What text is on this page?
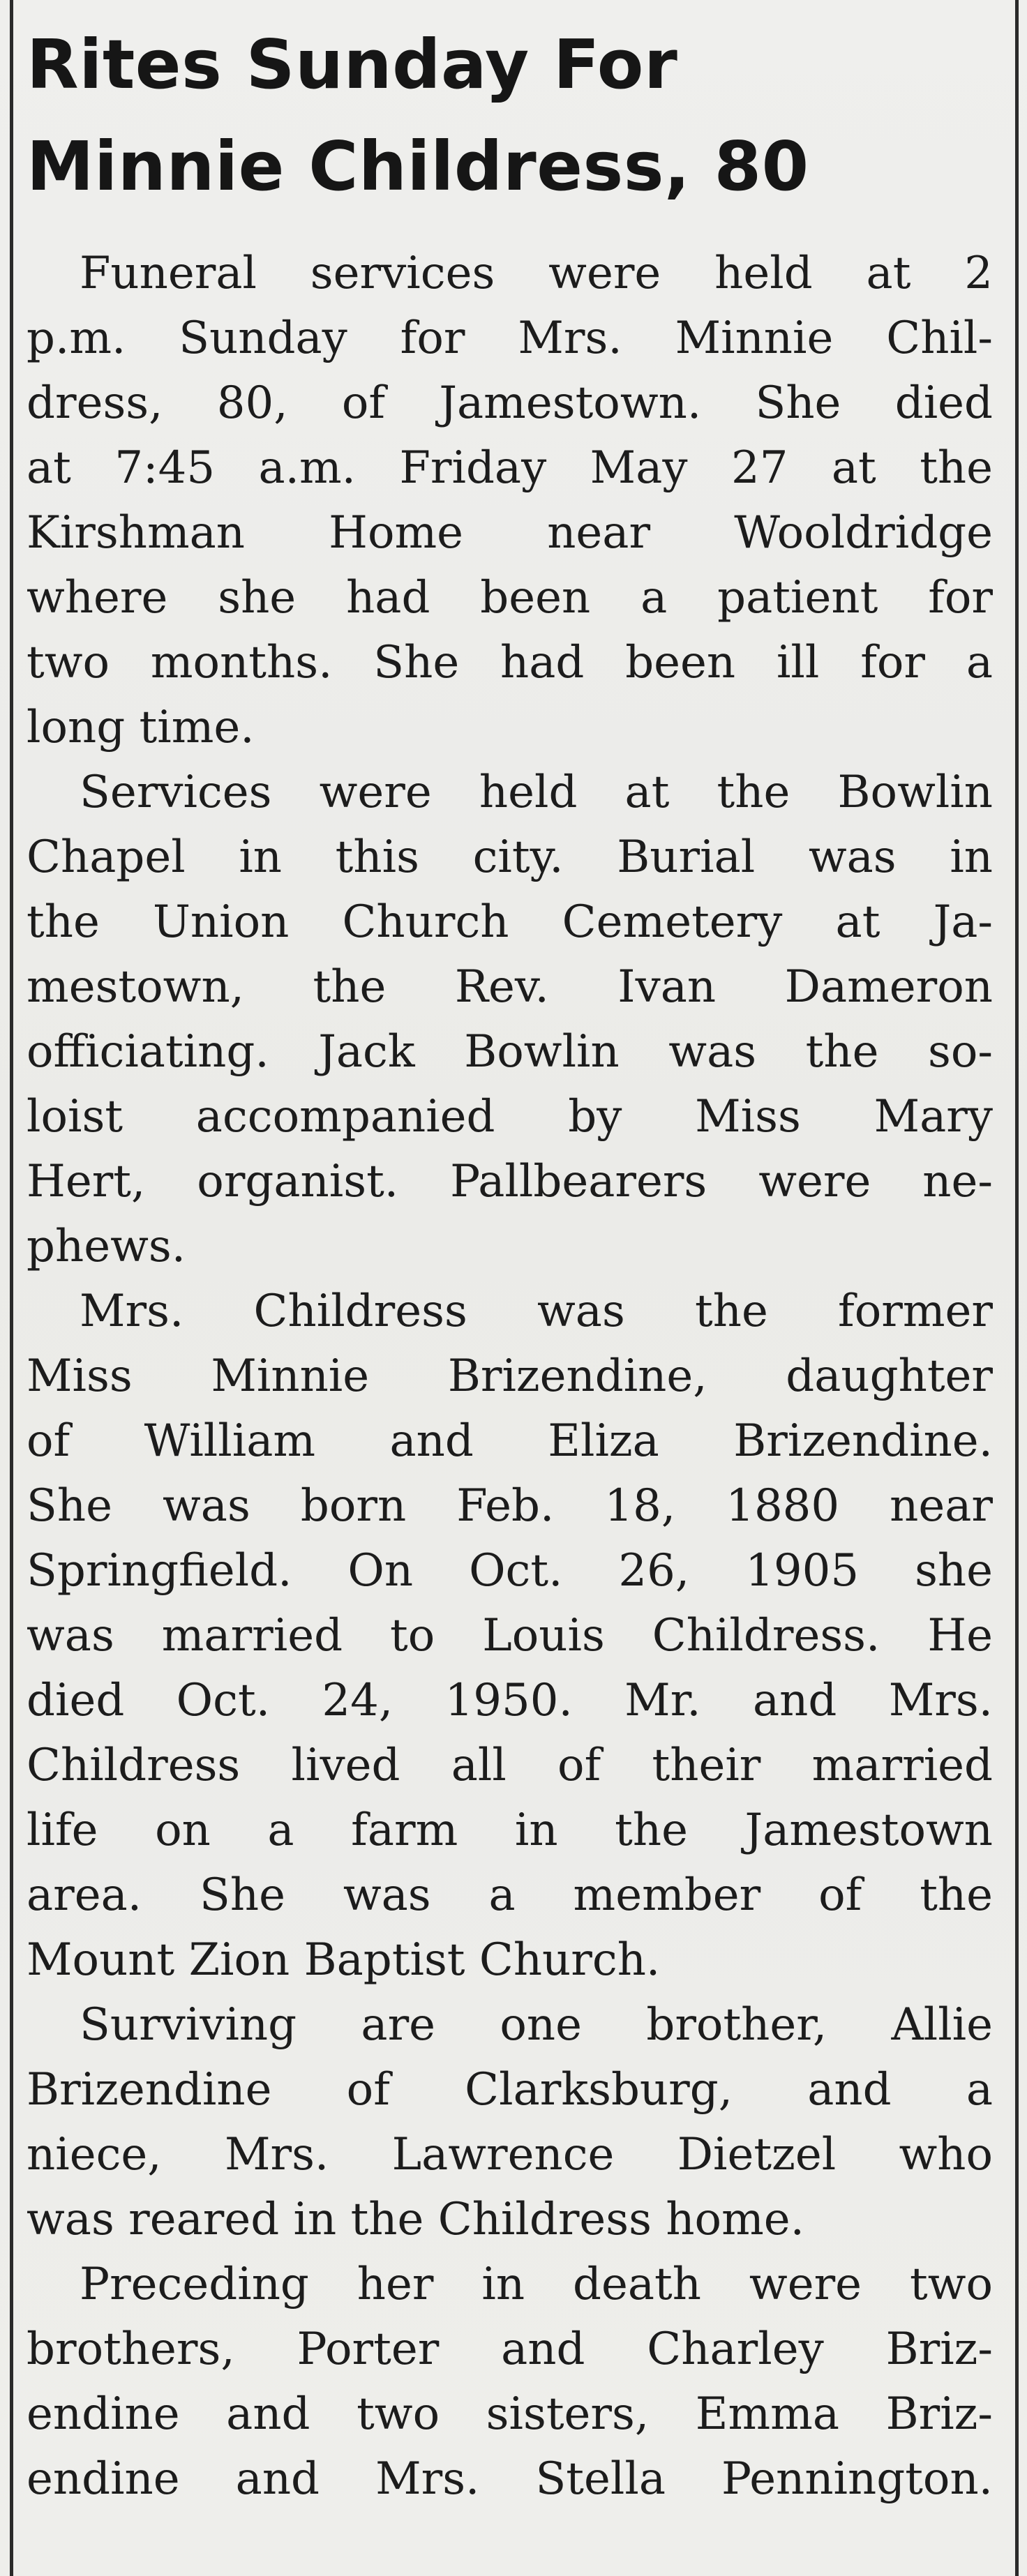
Rites Sunday For
Minnie Childress, 80
Funeral services were held at 2
p.m. Sunday for Mrs. Minnie Chil-
dress, 80, of Jamestown. She died
at 7:45 a.m. Friday May 27 at the
Kirshman Home near Wooldridge
where she had been a patient for
two months. She had been ill for a
long time.
Services were held at the Bowlin
Chapel in this city. Burial was in
the Union Church Cemetery at Ja-
mestown, the Rev. Ivan Dameron
officiating. Jack Bowlin was the so-
loist accompanied by Miss Mary
Hert, organist. Pallbearers were ne-
phews.
Mrs. Childress was the former
Miss Minnie Brizendine, daughter
of William and Eliza Brizendine.
She was born Feb. 18, 1880 near
Springfield. On Oct. 26, 1905 she
was married to Louis Childress. He
died Oct. 24, 1950. Mr. and Mrs.
Childress lived all of their married
life on a farm in the Jamestown
area. She was a member of the
Mount Zion Baptist Church.
Surviving are one brother, Allie
Brizendine of Clarksburg, and a
niece, Mrs. Lawrence Dietzel who
was reared in the Childress home.
Preceding her in death were two
brothers, Porter and Charley Briz-
endine and two sisters, Emma Briz-
endine and Mrs. Stella Pennington.
